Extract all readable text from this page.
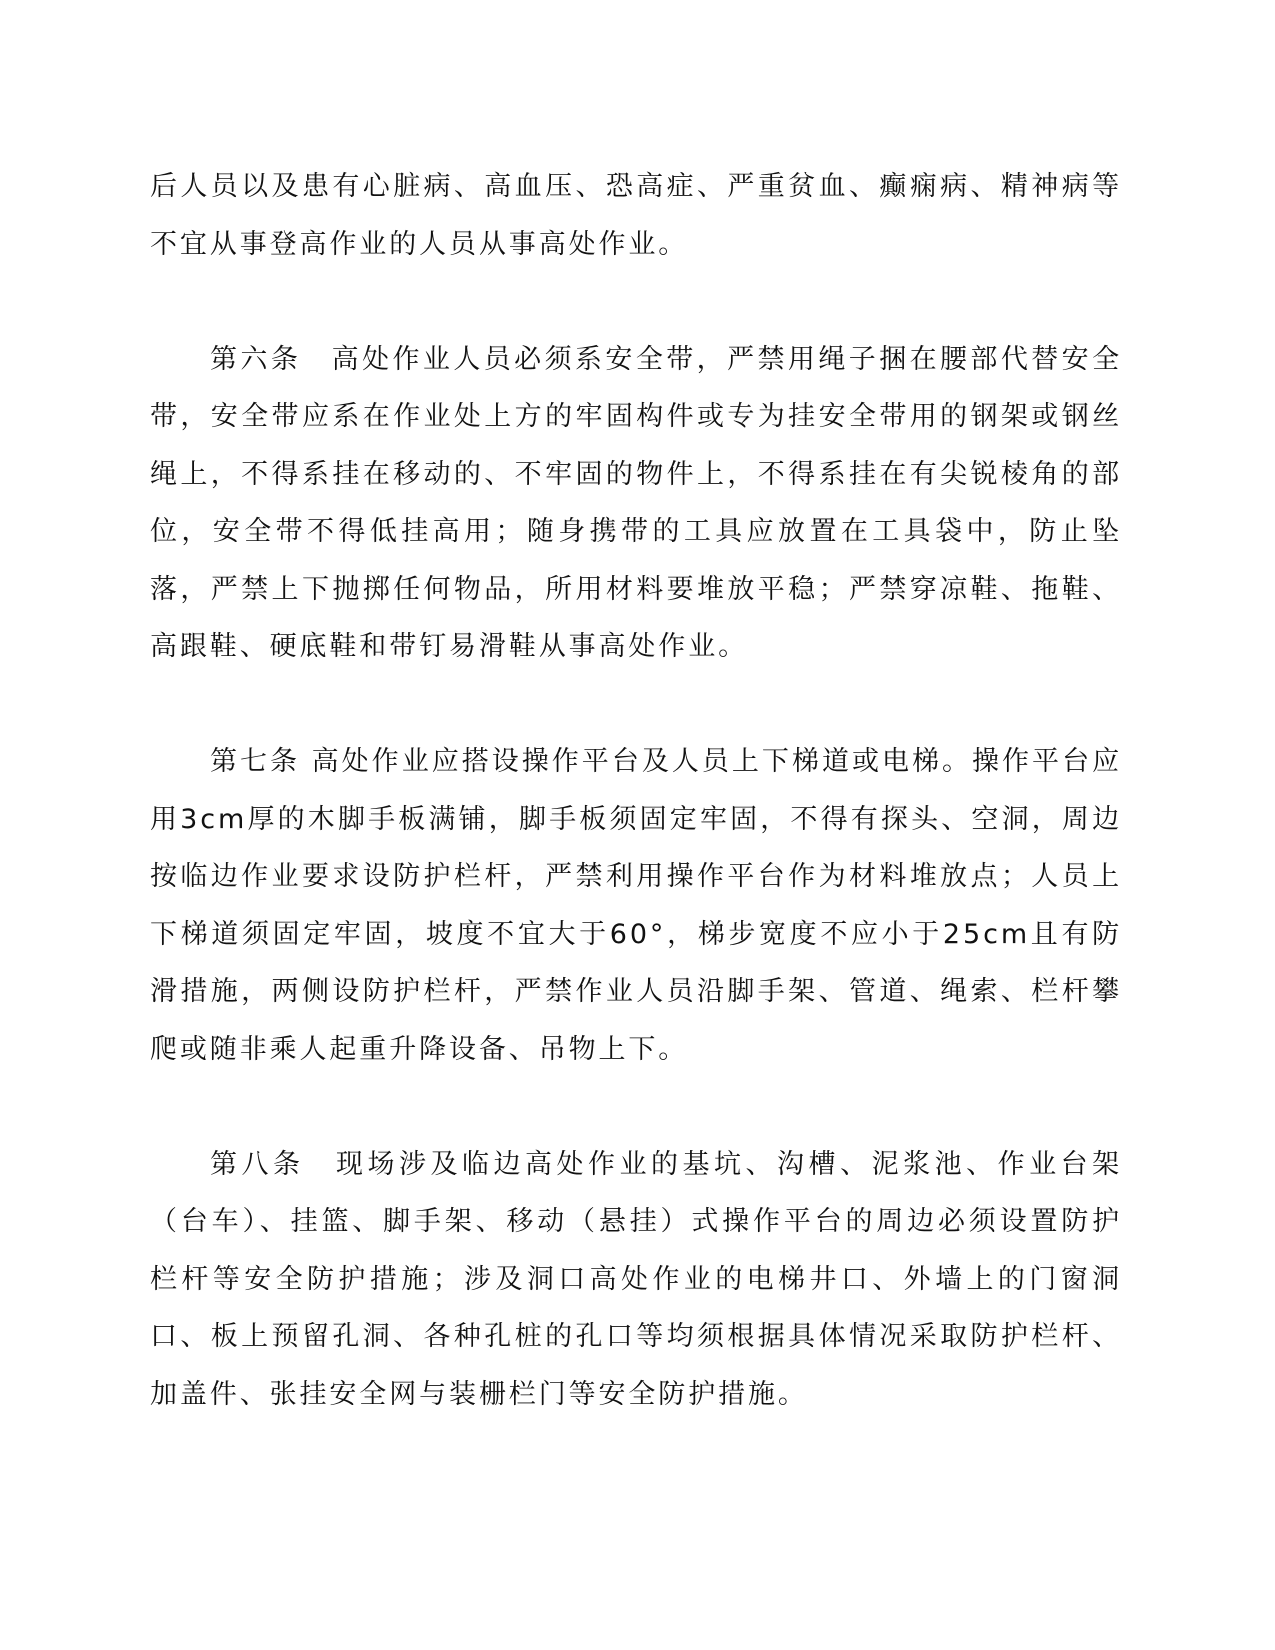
后人员以及患有心脏病、高血压、恐高症、严重贫血、癫痫病、精神病等不宜从事登高作业的人员从事高处作业。

第六条　高处作业人员必须系安全带，严禁用绳子捆在腰部代替安全带，安全带应系在作业处上方的牢固构件或专为挂安全带用的钢架或钢丝绳上，不得系挂在移动的、不牢固的物件上，不得系挂在有尖锐棱角的部位，安全带不得低挂高用；随身携带的工具应放置在工具袋中，防止坠落，严禁上下抛掷任何物品，所用材料要堆放平稳；严禁穿凉鞋、拖鞋、高跟鞋、硬底鞋和带钉易滑鞋从事高处作业。

第七条 高处作业应搭设操作平台及人员上下梯道或电梯。操作平台应用3cm厚的木脚手板满铺，脚手板须固定牢固，不得有探头、空洞，周边按临边作业要求设防护栏杆，严禁利用操作平台作为材料堆放点；人员上下梯道须固定牢固，坡度不宜大于60°，梯步宽度不应小于25cm且有防滑措施，两侧设防护栏杆，严禁作业人员沿脚手架、管道、绳索、栏杆攀爬或随非乘人起重升降设备、吊物上下。

第八条　现场涉及临边高处作业的基坑、沟槽、泥浆池、作业台架（台车）、挂篮、脚手架、移动（悬挂）式操作平台的周边必须设置防护栏杆等安全防护措施；涉及洞口高处作业的电梯井口、外墙上的门窗洞口、板上预留孔洞、各种孔桩的孔口等均须根据具体情况采取防护栏杆、加盖件、张挂安全网与装栅栏门等安全防护措施。
